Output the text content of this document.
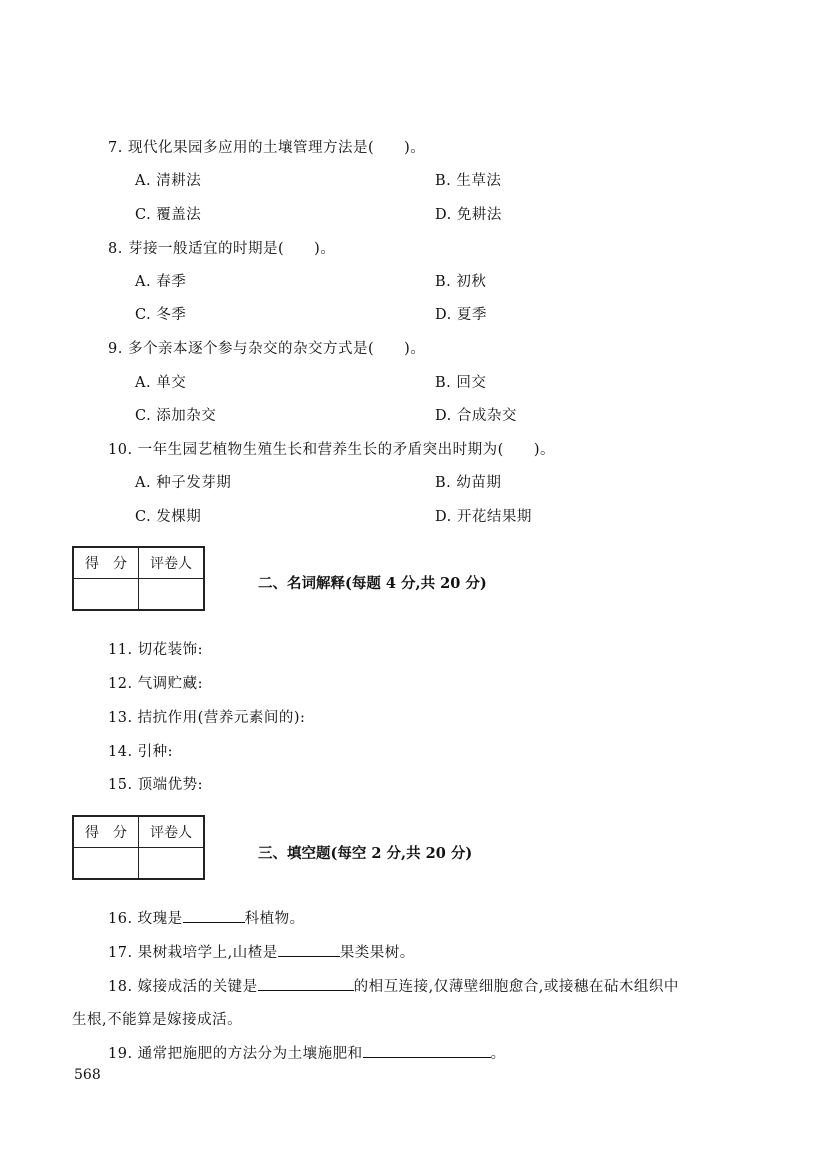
7. 现代化果园多应用的土壤管理方法是(　　)。
A. 清耕法	B. 生草法
C. 覆盖法	D. 免耕法
8. 芽接一般适宜的时期是(　　)。
A. 春季	B. 初秋
C. 冬季	D. 夏季
9. 多个亲本逐个参与杂交的杂交方式是(　　)。
A. 单交	B. 回交
C. 添加杂交	D. 合成杂交
10. 一年生园艺植物生殖生长和营养生长的矛盾突出时期为(　　)。
A. 种子发芽期	B. 幼苗期
C. 发棵期	D. 开花结果期
得　分	评卷人

二、名词解释(每题 4 分,共 20 分)
11. 切花装饰:
12. 气调贮藏:
13. 拮抗作用(营养元素间的):
14. 引种:
15. 顶端优势:
得　分	评卷人

三、填空题(每空 2 分,共 20 分)
16. 玫瑰是	科植物。
17. 果树栽培学上,山楂是	果类果树。
18. 嫁接成活的关键是	的相互连接,仅薄壁细胞愈合,或接穗在砧木组织中
生根,不能算是嫁接成活。
19. 通常把施肥的方法分为土壤施肥和	。
568
